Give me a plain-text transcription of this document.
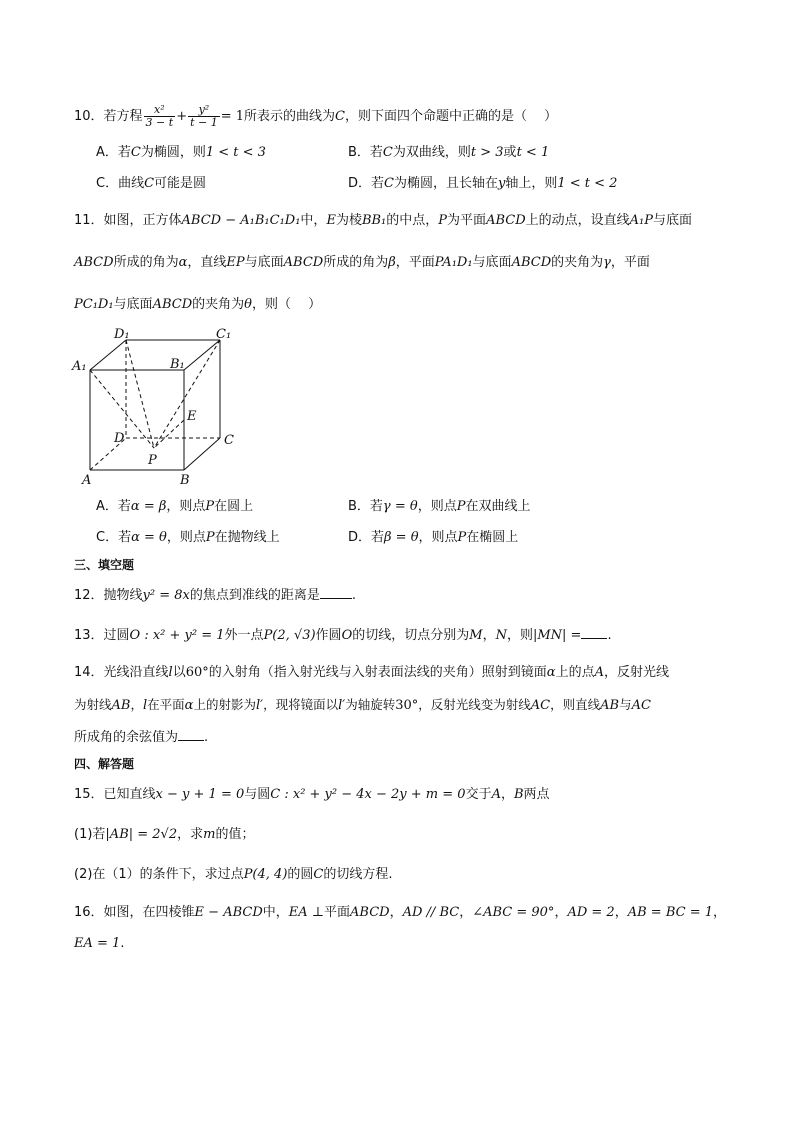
10．若方程 $\frac{\text{x²}}{3 - t} + \frac{\text{y²}}{t - 1} = 1$所表示的曲线为C，则下面四个命题中正确的是（　 ）
A．若C为椭圆，则1 < t < 3	B．若C为双曲线，则t > 3或t < 1
C．曲线C可能是圆	D．若C为椭圆，且长轴在y轴上，则1 < t < 2
11．如图，正方体ABCD − A₁B₁C₁D₁中，E为棱BB₁的中点，P为平面ABCD上的动点，设直线A₁P与底面
ABCD所成的角为α，直线EP与底面ABCD所成的角为β，平面PA₁D₁与底面ABCD的夹角为γ，平面
PC₁D₁与底面ABCD的夹角为θ，则（　 ）
D₁	C₁
A₁	B₁
E
D	C
P
A	B
A．若α = β，则点P在圆上	B．若γ = θ，则点P在双曲线上
C．若α = θ，则点P在抛物线上	D．若β = θ，则点P在椭圆上
三、填空题
12．抛物线y² = 8x的焦点到准线的距离是 .
13．过圆O : x² + y² = 1外一点P(2, √3)作圆O的切线，切点分别为M，N，则|MN| = .
14．光线沿直线l以60°的入射角（指入射光线与入射表面法线的夹角）照射到镜面α上的点A，反射光线
为射线AB，l在平面α上的射影为l′，现将镜面以l′为轴旋转30°，反射光线变为射线AC，则直线AB与AC
所成角的余弦值为 .
四、解答题
15．已知直线x − y + 1 = 0与圆C : x² + y² − 4x − 2y + m = 0交于A，B两点
(1)若|AB| = 2√2，求m的值；
(2)在（1）的条件下，求过点P(4, 4)的圆C的切线方程.
16．如图，在四棱锥E − ABCD中，EA ⊥平面ABCD，AD // BC，∠ABC = 90°，AD = 2，AB = BC = 1，
EA = 1.
